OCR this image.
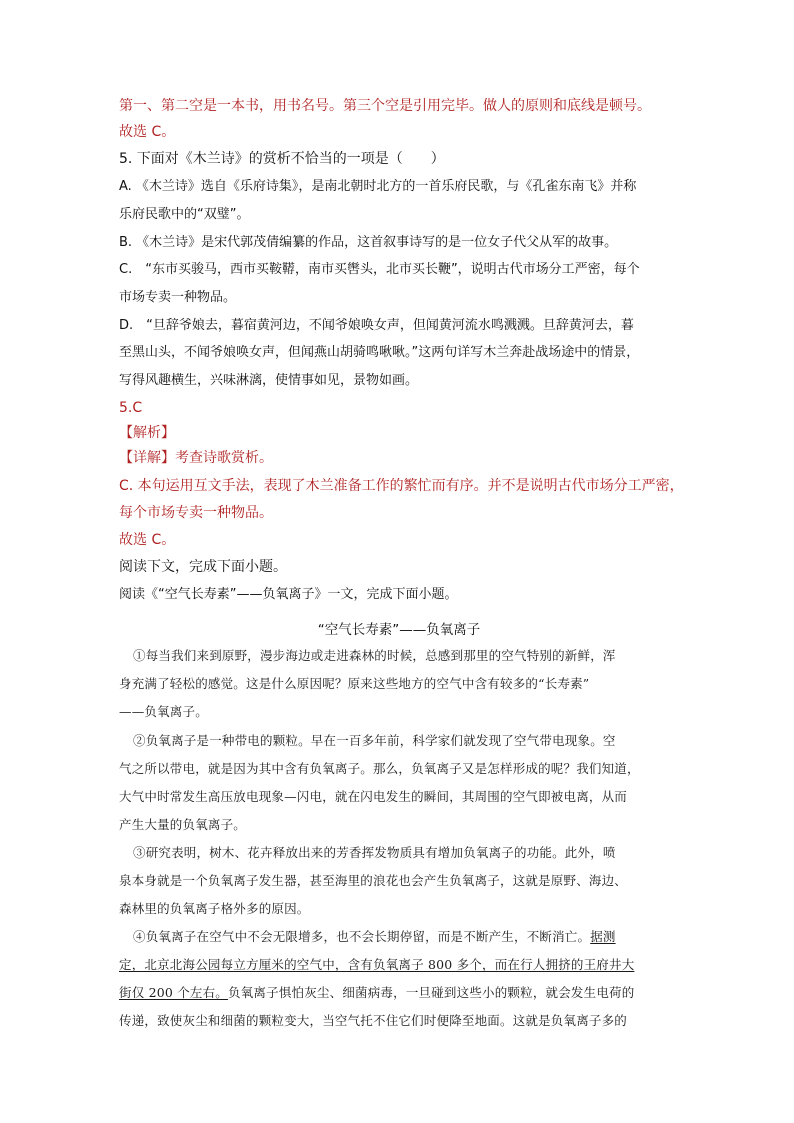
第一、第二空是一本书，用书名号。第三个空是引用完毕。做人的原则和底线是顿号。
故选 C。
5. 下面对《木兰诗》的赏析不恰当的一项是（　　）
A. 《木兰诗》选自《乐府诗集》，是南北朝时北方的一首乐府民歌，与《孔雀东南飞》并称
乐府民歌中的“双璧”。
B. 《木兰诗》是宋代郭茂倩编纂的作品，这首叙事诗写的是一位女子代父从军的故事。
C.　“东市买骏马，西市买鞍鞯，南市买辔头，北市买长鞭”，说明古代市场分工严密，每个
市场专卖一种物品。
D.　“旦辞爷娘去，暮宿黄河边，不闻爷娘唤女声，但闻黄河流水鸣溅溅。旦辞黄河去，暮
至黑山头，不闻爷娘唤女声，但闻燕山胡骑鸣啾啾。”这两句详写木兰奔赴战场途中的情景，
写得风趣横生，兴味淋漓，使情事如见，景物如画。
5.C
【解析】
【详解】考查诗歌赏析。
C. 本句运用互文手法，表现了木兰准备工作的繁忙而有序。并不是说明古代市场分工严密，
每个市场专卖一种物品。
故选 C。
阅读下文，完成下面小题。
阅读《“空气长寿素”——负氧离子》一文，完成下面小题。
“空气长寿素”——负氧离子
①每当我们来到原野，漫步海边或走进森林的时候，总感到那里的空气特别的新鲜，浑
身充满了轻松的感觉。这是什么原因呢？原来这些地方的空气中含有较多的“长寿素”
——负氧离子。
②负氧离子是一种带电的颗粒。早在一百多年前，科学家们就发现了空气带电现象。空
气之所以带电，就是因为其中含有负氧离子。那么，负氧离子又是怎样形成的呢？我们知道，
大气中时常发生高压放电现象—闪电，就在闪电发生的瞬间，其周围的空气即被电离，从而
产生大量的负氧离子。
③研究表明，树木、花卉释放出来的芳香挥发物质具有增加负氧离子的功能。此外，喷
泉本身就是一个负氧离子发生器，甚至海里的浪花也会产生负氧离子，这就是原野、海边、
森林里的负氧离子格外多的原因。
④负氧离子在空气中不会无限增多，也不会长期停留，而是不断产生，不断消亡。据测
定，北京北海公园每立方厘米的空气中，含有负氧离子 800 多个，而在行人拥挤的王府井大
街仅 200 个左右。负氧离子惧怕灰尘、细菌病毒，一旦碰到这些小的颗粒，就会发生电荷的
传递，致使灰尘和细菌的颗粒变大，当空气托不住它们时便降至地面。这就是负氧离子多的
